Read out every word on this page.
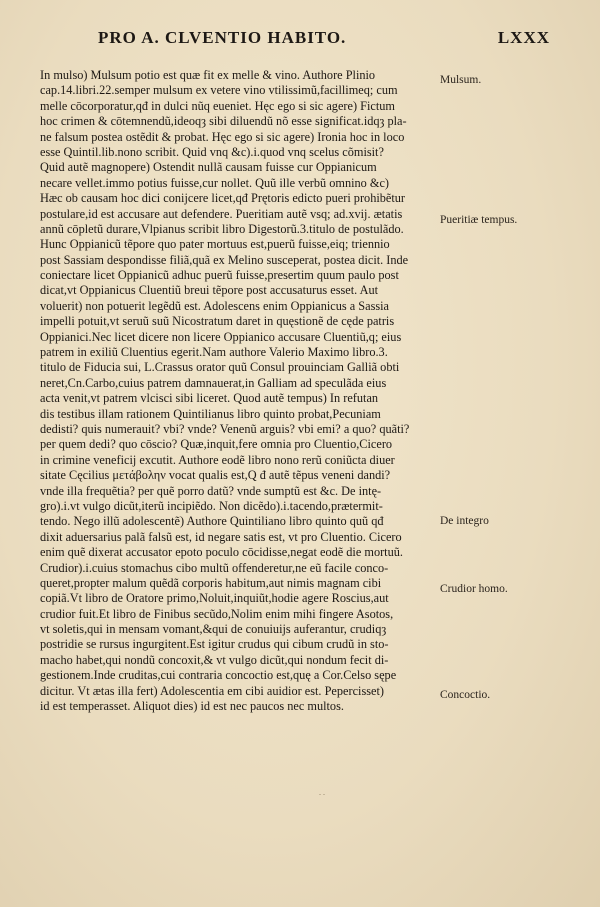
PRO A. CLVENTIO HABITO.	LXXX
In mulso) Mulsum potio est quæ fit ex melle & vino. Authore Plinio
cap.14.libri.22.semper mulsum ex vetere vino vtilissimũ,facillimeq; cum
melle cōcorporatur,qđ in dulci nũq eueniet. Hęc ego si sic agere) Fictum
hoc crimen & cōtemnendũ,ideoqȝ sibi diluendũ nõ esse significat.idqȝ pla-
ne falsum postea ostẽdit & probat. Hęc ego si sic agere) Ironia hoc in loco
esse Quintil.lib.nono scribit. Quid vnq &c).i.quod vnq scelus cõmisit?
Quid autẽ magnopere) Ostendit nullã causam fuisse cur Oppianicum
necare vellet.immo potius fuisse,cur nollet. Quũ ille verbũ omnino &c)
Hæc ob causam hoc dici conijcere licet,qđ Prętoris edicto pueri prohibẽtur
postulare,id est accusare aut defendere. Pueritiam autẽ vsq; ad.xvij. ætatis
annũ cōpletũ durare,Vlpianus scribit libro Digestorũ.3.titulo de postulãdo.
Hunc Oppianicũ tẽpore quo pater mortuus est,puerũ fuisse,eiq; triennio
post Sassiam despondisse filiã,quã ex Melino susceperat, postea dicit. Inde
coniectare licet Oppianicũ adhuc puerũ fuisse,presertim quum paulo post
dicat,vt Oppianicus Cluentiũ breui tẽpore post accusaturus esset. Aut
voluerit) non potuerit legẽdũ est. Adolescens enim Oppianicus a Sassia
impelli potuit,vt seruũ suũ Nicostratum daret in quęstionẽ de cęde patris
Oppianici.Nec licet dicere non licere Oppianico accusare Cluentiũ,q; eius
patrem in exiliũ Cluentius egerit.Nam authore Valerio Maximo libro.3.
titulo de Fiducia sui, L.Crassus orator quũ Consul prouinciam Galliã obti
neret,Cn.Carbo,cuius patrem damnauerat,in Galliam ad speculãda eius
acta venit,vt patrem vlcisci sibi liceret. Quod autẽ tempus) In refutan
dis testibus illam rationem Quintilianus libro quinto probat,Pecuniam
dedisti? quis numerauit? vbi? vnde? Venenũ arguis? vbi emi? a quo? quãti?
per quem dedi? quo cōscio? Quæ,inquit,fere omnia pro Cluentio,Cicero
in crimine veneficij excutit. Authore eodẽ libro nono rerũ coniũcta diuer
sitate Cęcilius μετάβολην vocat qualis est,Q đ autẽ tẽpus veneni dandi?
vnde illa frequẽtia? per quẽ porro datũ? vnde sumptũ est &c. De intę-
gro).i.vt vulgo dicũt,iterũ incipiẽdo. Non dicẽdo).i.tacendo,prætermit-
tendo. Nego illũ adolescentẽ) Authore Quintiliano libro quinto quũ qđ
dixit aduersarius palã falsũ est, id negare satis est, vt pro Cluentio. Cicero
enim quẽ dixerat accusator epoto poculo cōcidisse,negat eodẽ die mortuũ.
Crudior).i.cuius stomachus cibo multũ offenderetur,ne eũ facile conco-
queret,propter malum quẽdã corporis habitum,aut nimis magnam cibi
copiã.Vt libro de Oratore primo,Noluit,inquiũt,hodie agere Roscius,aut
crudior fuit.Et libro de Finibus secũdo,Nolim enim mihi fingere Asotos,
vt soletis,qui in mensam vomant,&qui de conuiuijs auferantur, crudiqȝ
postridie se rursus ingurgitent.Est igitur crudus qui cibum crudũ in sto-
macho habet,qui nondũ concoxit,& vt vulgo dicũt,qui nondum fecit di-
gestionem.Inde cruditas,cui contraria concoctio est,quę a Cor.Celso sępe
dicitur. Vt ætas illa fert) Adolescentia em cibi auidior est. Pepercisset)
id est temperasset. Aliquot dies) id est nec paucos nec multos.
Mulsum.
Pueritiæ tempus.
De integro
Crudior homo.
Concoctio.
. .
